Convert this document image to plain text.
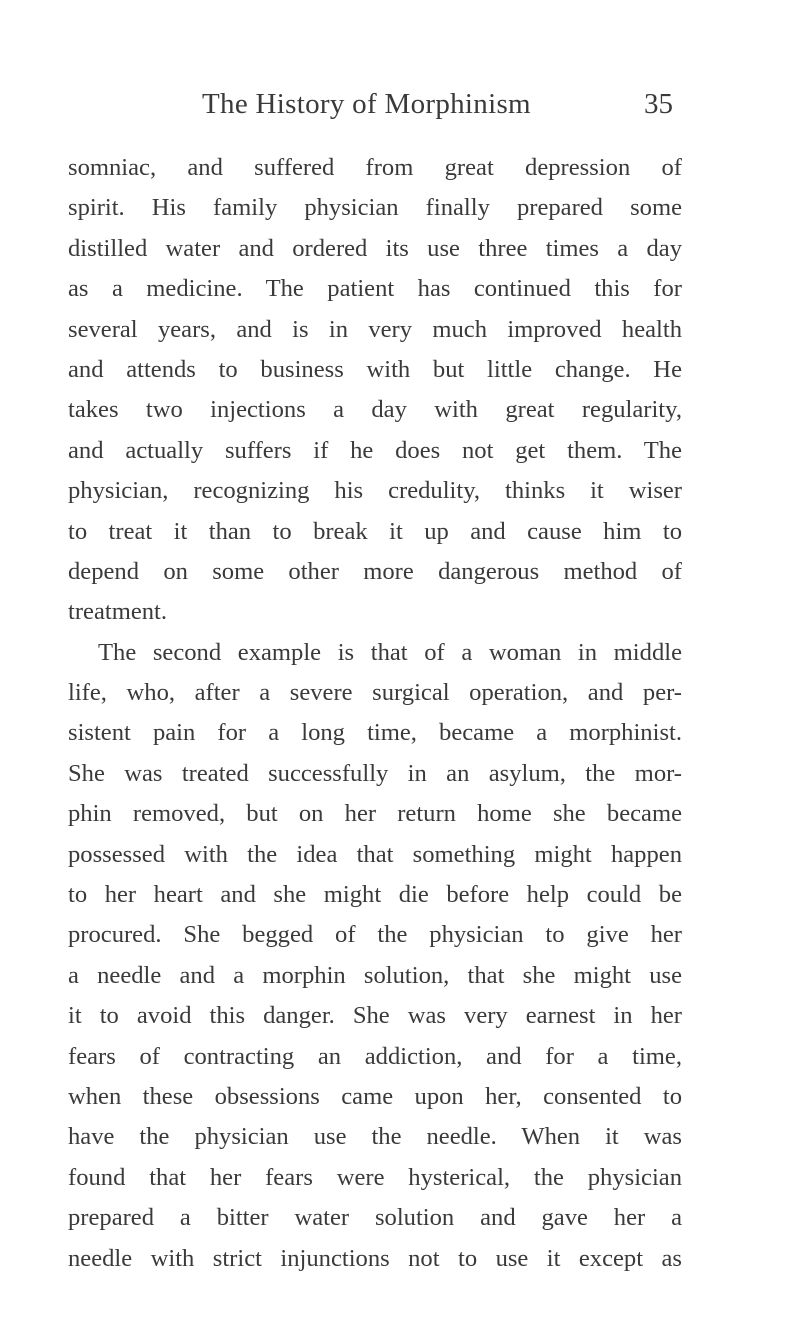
The History of Morphinism	35
somniac, and suffered from great depression of
spirit. His family physician finally prepared some
distilled water and ordered its use three times a day
as a medicine. The patient has continued this for
several years, and is in very much improved health
and attends to business with but little change. He
takes two injections a day with great regularity,
and actually suffers if he does not get them. The
physician, recognizing his credulity, thinks it wiser
to treat it than to break it up and cause him to
depend on some other more dangerous method of
treatment.
The second example is that of a woman in middle
life, who, after a severe surgical operation, and per-
sistent pain for a long time, became a morphinist.
She was treated successfully in an asylum, the mor-
phin removed, but on her return home she became
possessed with the idea that something might happen
to her heart and she might die before help could be
procured. She begged of the physician to give her
a needle and a morphin solution, that she might use
it to avoid this danger. She was very earnest in her
fears of contracting an addiction, and for a time,
when these obsessions came upon her, consented to
have the physician use the needle. When it was
found that her fears were hysterical, the physician
prepared a bitter water solution and gave her a
needle with strict injunctions not to use it except as
